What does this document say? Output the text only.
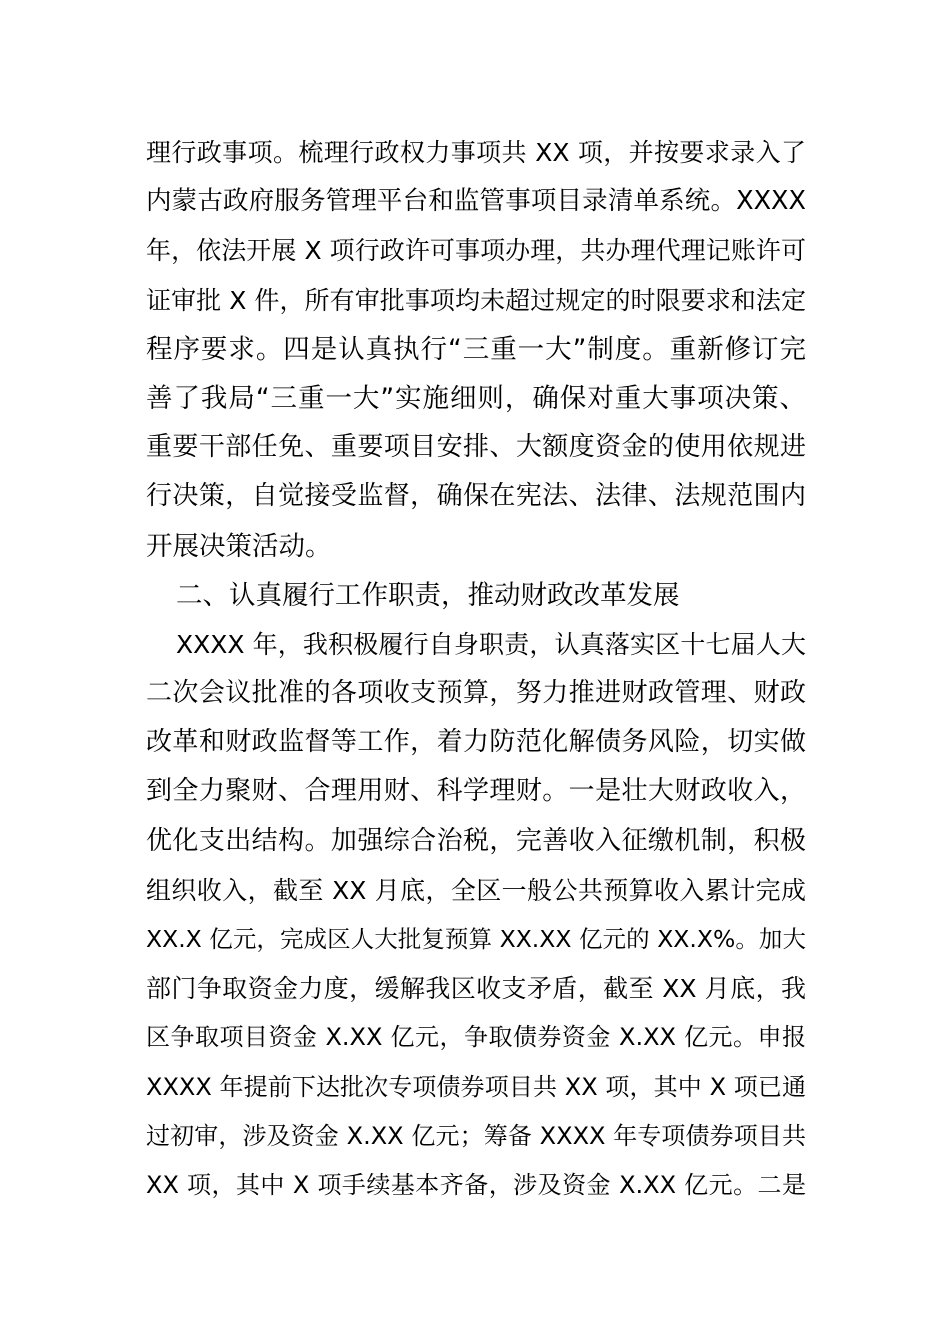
理行政事项。梳理行政权力事项共 XX 项，并按要求录入了
内蒙古政府服务管理平台和监管事项目录清单系统。XXXX
年，依法开展 X 项行政许可事项办理，共办理代理记账许可
证审批 X 件，所有审批事项均未超过规定的时限要求和法定
程序要求。四是认真执行“三重一大”制度。重新修订完
善了我局“三重一大”实施细则，确保对重大事项决策、
重要干部任免、重要项目安排、大额度资金的使用依规进
行决策，自觉接受监督，确保在宪法、法律、法规范围内
开展决策活动。
二、认真履行工作职责，推动财政改革发展
XXXX 年，我积极履行自身职责，认真落实区十七届人大
二次会议批准的各项收支预算，努力推进财政管理、财政
改革和财政监督等工作，着力防范化解债务风险，切实做
到全力聚财、合理用财、科学理财。一是壮大财政收入，
优化支出结构。加强综合治税，完善收入征缴机制，积极
组织收入，截至 XX 月底，全区一般公共预算收入累计完成
XX.X 亿元，完成区人大批复预算 XX.XX 亿元的 XX.X%。加大
部门争取资金力度，缓解我区收支矛盾，截至 XX 月底，我
区争取项目资金 X.XX 亿元，争取债券资金 X.XX 亿元。申报
XXXX 年提前下达批次专项债券项目共 XX 项，其中 X 项已通
过初审，涉及资金 X.XX 亿元；筹备 XXXX 年专项债券项目共
XX 项，其中 X 项手续基本齐备，涉及资金 X.XX 亿元。二是
